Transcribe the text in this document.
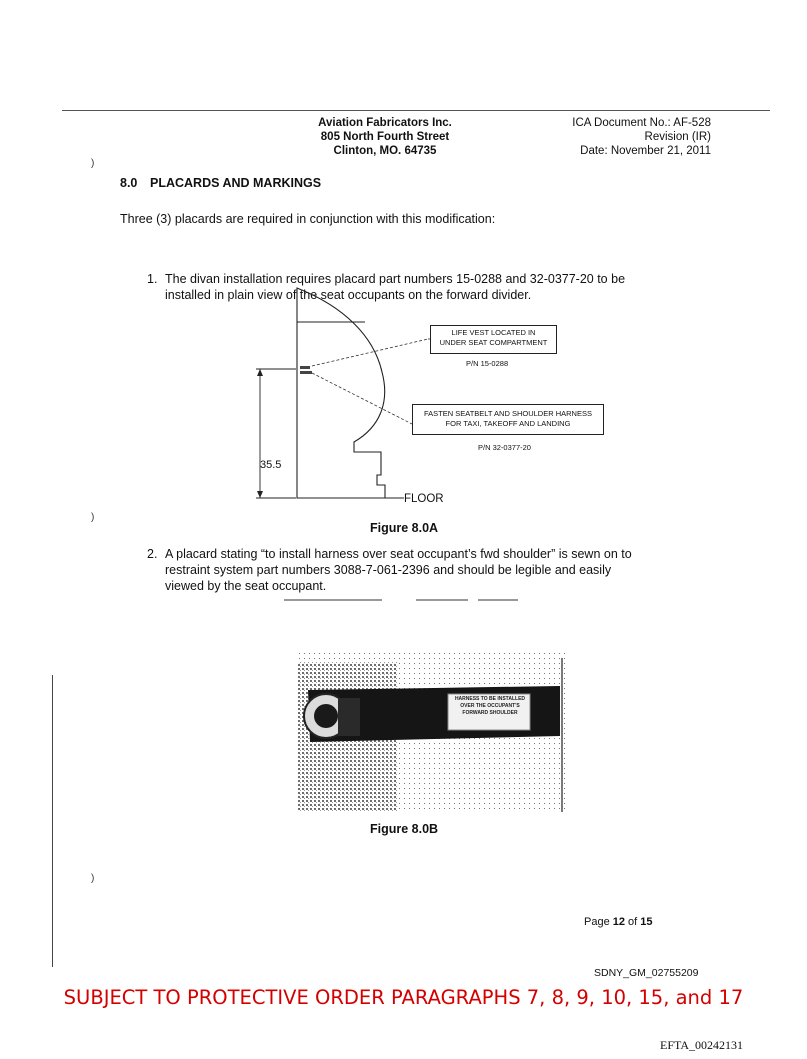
Aviation Fabricators Inc.
805 North Fourth Street
Clinton, MO. 64735
ICA Document No.: AF-528
Revision (IR)
Date: November 21, 2011
)
)
)
8.0 PLACARDS AND MARKINGS
Three (3) placards are required in conjunction with this modification:
1. The divan installation requires placard part numbers 15-0288 and 32-0377-20 to be
installed in plain view of the seat occupants on the forward divider.
35.5
FLOOR
LIFE VEST LOCATED IN
UNDER SEAT COMPARTMENT
P/N 15-0288
FASTEN SEATBELT AND SHOULDER HARNESS
FOR TAXI, TAKEOFF AND LANDING
P/N 32-0377-20
Figure 8.0A
2. A placard stating “to install harness over seat occupant’s fwd shoulder” is sewn on to
restraint system part numbers 3088-7-061-2396 and should be legible and easily
viewed by the seat occupant.
HARNESS TO BE INSTALLED
OVER THE OCCUPANT'S
FORWARD SHOULDER
Figure 8.0B
Page 12 of 15
SDNY_GM_02755209
SUBJECT TO PROTECTIVE ORDER PARAGRAPHS 7, 8, 9, 10, 15, and 17
EFTA_00242131
